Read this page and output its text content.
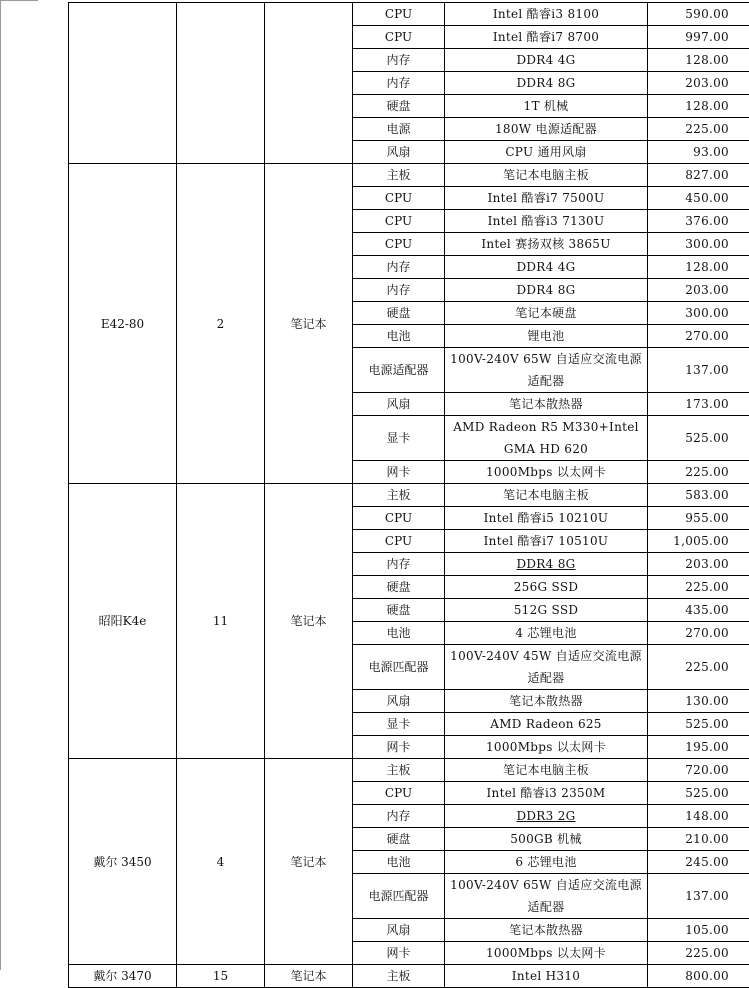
			CPU	Intel 酷睿i3 8100	590.00
			CPU	Intel 酷睿i7 8700	997.00
			内存	DDR4 4G	128.00
			内存	DDR4 8G	203.00
			硬盘	1T 机械	128.00
			电源	180W 电源适配器	225.00
			风扇	CPU 通用风扇	93.00
E42-80	2	笔记本	主板	笔记本电脑主板	827.00
			CPU	Intel 酷睿i7 7500U	450.00
			CPU	Intel 酷睿i3 7130U	376.00
			CPU	Intel 赛扬双核 3865U	300.00
			内存	DDR4 4G	128.00
			内存	DDR4 8G	203.00
			硬盘	笔记本硬盘	300.00
			电池	锂电池	270.00
			电源适配器	100V-240V 65W 自适应交流电源适配器	137.00
			风扇	笔记本散热器	173.00
			显卡	AMD Radeon R5 M330+Intel GMA HD 620	525.00
			网卡	1000Mbps 以太网卡	225.00
昭阳K4e	11	笔记本	主板	笔记本电脑主板	583.00
			CPU	Intel 酷睿i5 10210U	955.00
			CPU	Intel 酷睿i7 10510U	1,005.00
			内存	DDR4 8G	203.00
			硬盘	256G SSD	225.00
			硬盘	512G SSD	435.00
			电池	4 芯锂电池	270.00
			电源匹配器	100V-240V 45W 自适应交流电源适配器	225.00
			风扇	笔记本散热器	130.00
			显卡	AMD Radeon 625	525.00
			网卡	1000Mbps 以太网卡	195.00
戴尔 3450	4	笔记本	主板	笔记本电脑主板	720.00
			CPU	Intel 酷睿i3 2350M	525.00
			内存	DDR3 2G	148.00
			硬盘	500GB 机械	210.00
			电池	6 芯锂电池	245.00
			电源匹配器	100V-240V 65W 自适应交流电源适配器	137.00
			风扇	笔记本散热器	105.00
			网卡	1000Mbps 以太网卡	225.00
戴尔 3470	15	笔记本	主板	Intel H310	800.00
